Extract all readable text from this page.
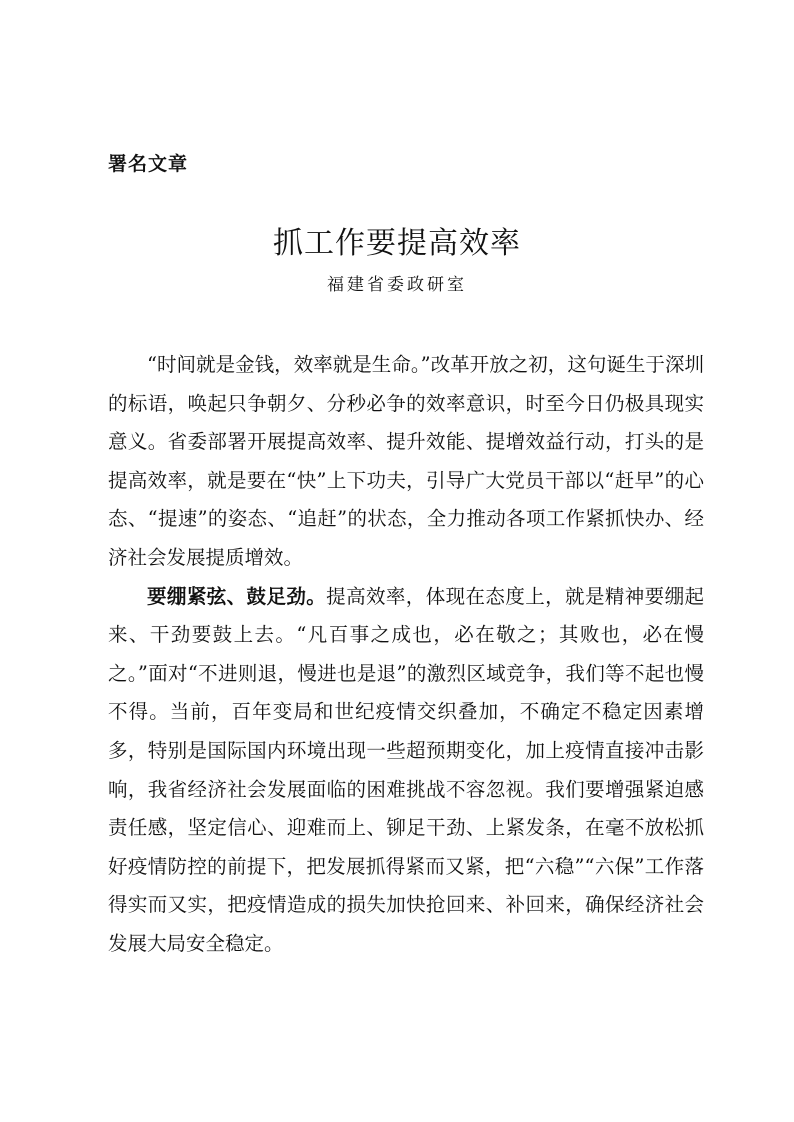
署名文章
抓工作要提高效率
福建省委政研室

“时间就是金钱，效率就是生命。”改革开放之初，这句诞生于深圳的标语，唤起只争朝夕、分秒必争的效率意识，时至今日仍极具现实意义。省委部署开展提高效率、提升效能、提增效益行动，打头的是提高效率，就是要在“快”上下功夫，引导广大党员干部以“赶早”的心态、“提速”的姿态、“追赶”的状态，全力推动各项工作紧抓快办、经济社会发展提质增效。

要绷紧弦、鼓足劲。提高效率，体现在态度上，就是精神要绷起来、干劲要鼓上去。“凡百事之成也，必在敬之；其败也，必在慢之。”面对“不进则退，慢进也是退”的激烈区域竞争，我们等不起也慢不得。当前，百年变局和世纪疫情交织叠加，不确定不稳定因素增多，特别是国际国内环境出现一些超预期变化，加上疫情直接冲击影响，我省经济社会发展面临的困难挑战不容忽视。我们要增强紧迫感责任感，坚定信心、迎难而上、铆足干劲、上紧发条，在毫不放松抓好疫情防控的前提下，把发展抓得紧而又紧，把“六稳”“六保”工作落得实而又实，把疫情造成的损失加快抢回来、补回来，确保经济社会发展大局安全稳定。
